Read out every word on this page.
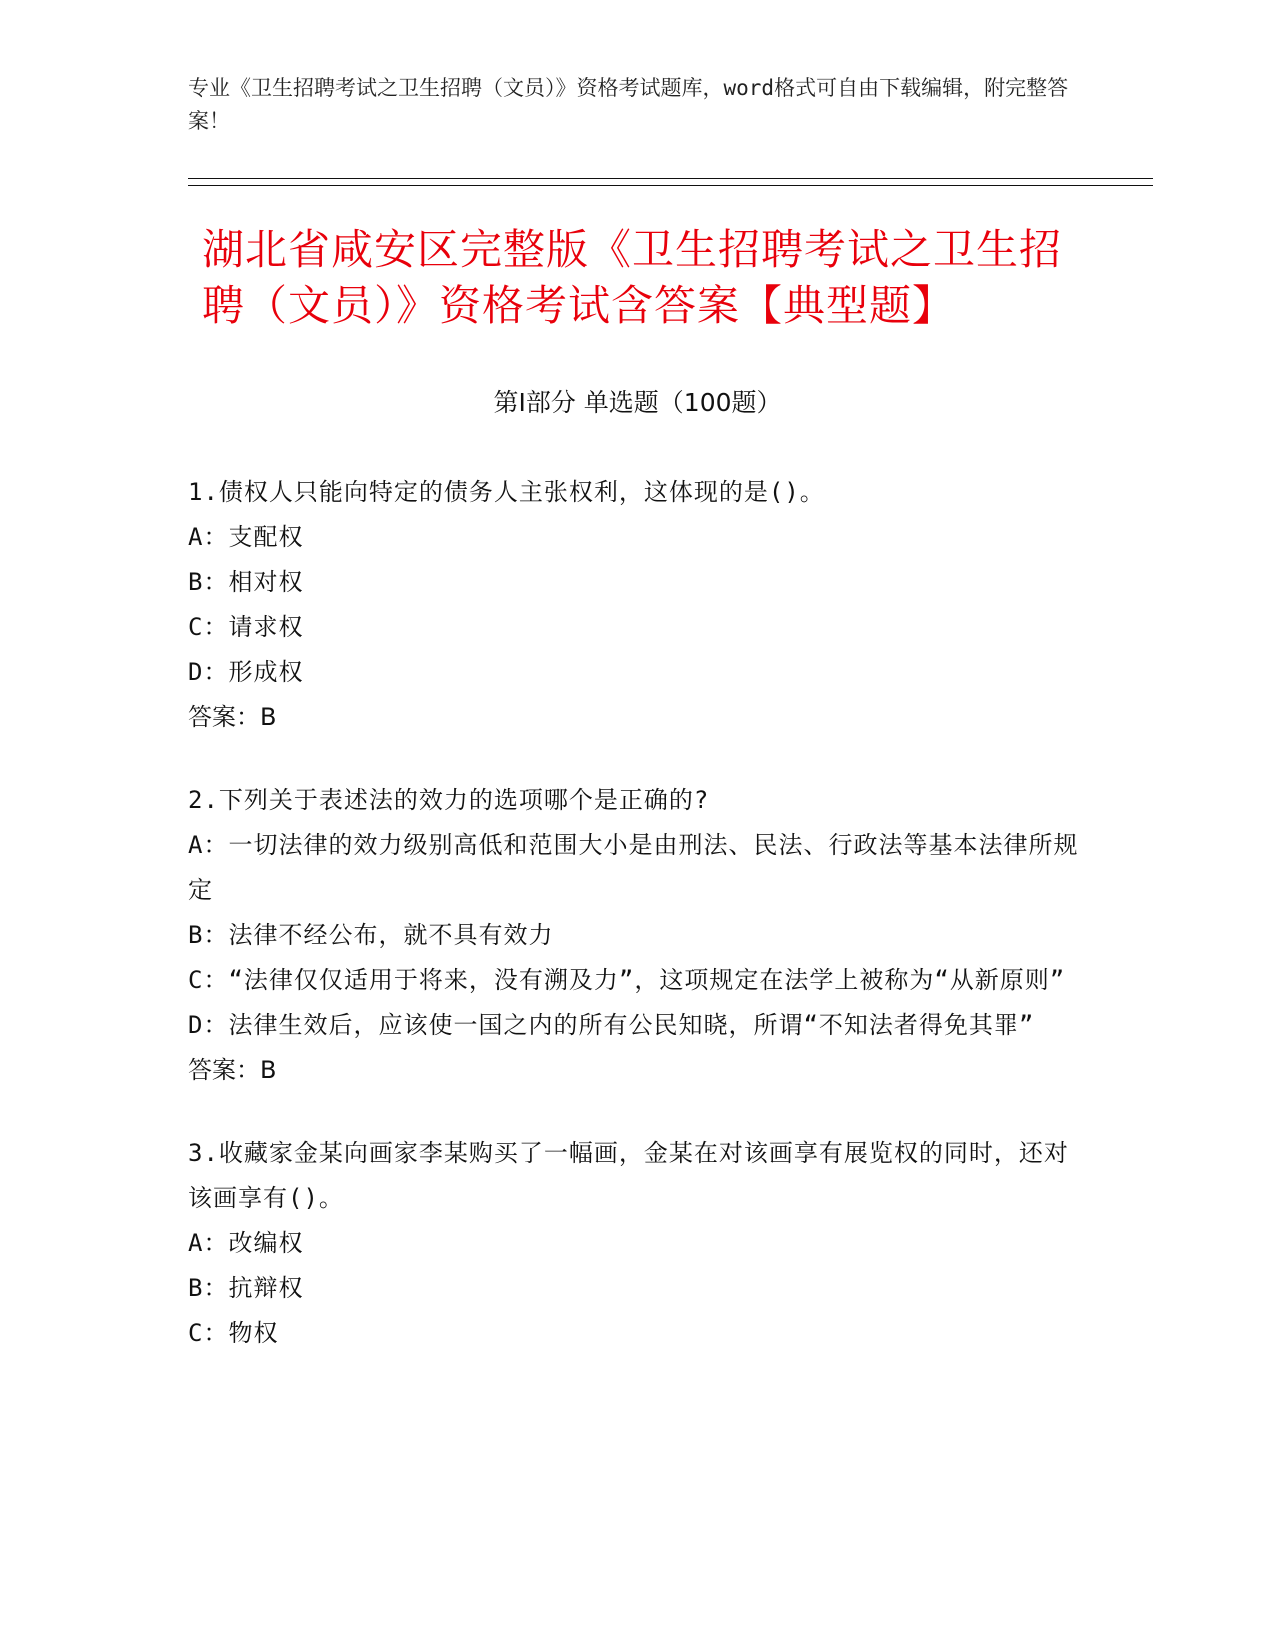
专业《卫生招聘考试之卫生招聘（文员）》资格考试题库，word格式可自由下载编辑，附完整答案！
湖北省咸安区完整版《卫生招聘考试之卫生招聘（文员）》资格考试含答案【典型题】
第Ⅰ部分 单选题（100题）
1.债权人只能向特定的债务人主张权利，这体现的是()。
A：支配权
B：相对权
C：请求权
D：形成权
答案：B
2.下列关于表述法的效力的选项哪个是正确的?
A：一切法律的效力级别高低和范围大小是由刑法、民法、行政法等基本法律所规定
B：法律不经公布，就不具有效力
C：“法律仅仅适用于将来，没有溯及力”，这项规定在法学上被称为“从新原则”
D：法律生效后，应该使一国之内的所有公民知晓，所谓“不知法者得免其罪”
答案：B
3.收藏家金某向画家李某购买了一幅画，金某在对该画享有展览权的同时，还对该画享有()。
A：改编权
B：抗辩权
C：物权
